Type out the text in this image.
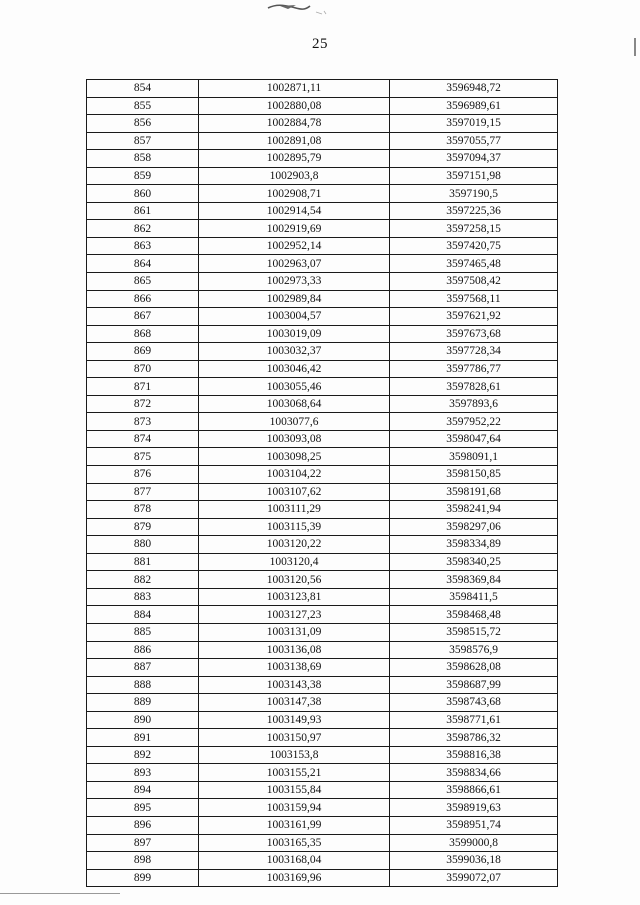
25
854	1002871,11	3596948,72
855	1002880,08	3596989,61
856	1002884,78	3597019,15
857	1002891,08	3597055,77
858	1002895,79	3597094,37
859	1002903,8	3597151,98
860	1002908,71	3597190,5
861	1002914,54	3597225,36
862	1002919,69	3597258,15
863	1002952,14	3597420,75
864	1002963,07	3597465,48
865	1002973,33	3597508,42
866	1002989,84	3597568,11
867	1003004,57	3597621,92
868	1003019,09	3597673,68
869	1003032,37	3597728,34
870	1003046,42	3597786,77
871	1003055,46	3597828,61
872	1003068,64	3597893,6
873	1003077,6	3597952,22
874	1003093,08	3598047,64
875	1003098,25	3598091,1
876	1003104,22	3598150,85
877	1003107,62	3598191,68
878	1003111,29	3598241,94
879	1003115,39	3598297,06
880	1003120,22	3598334,89
881	1003120,4	3598340,25
882	1003120,56	3598369,84
883	1003123,81	3598411,5
884	1003127,23	3598468,48
885	1003131,09	3598515,72
886	1003136,08	3598576,9
887	1003138,69	3598628,08
888	1003143,38	3598687,99
889	1003147,38	3598743,68
890	1003149,93	3598771,61
891	1003150,97	3598786,32
892	1003153,8	3598816,38
893	1003155,21	3598834,66
894	1003155,84	3598866,61
895	1003159,94	3598919,63
896	1003161,99	3598951,74
897	1003165,35	3599000,8
898	1003168,04	3599036,18
899	1003169,96	3599072,07
